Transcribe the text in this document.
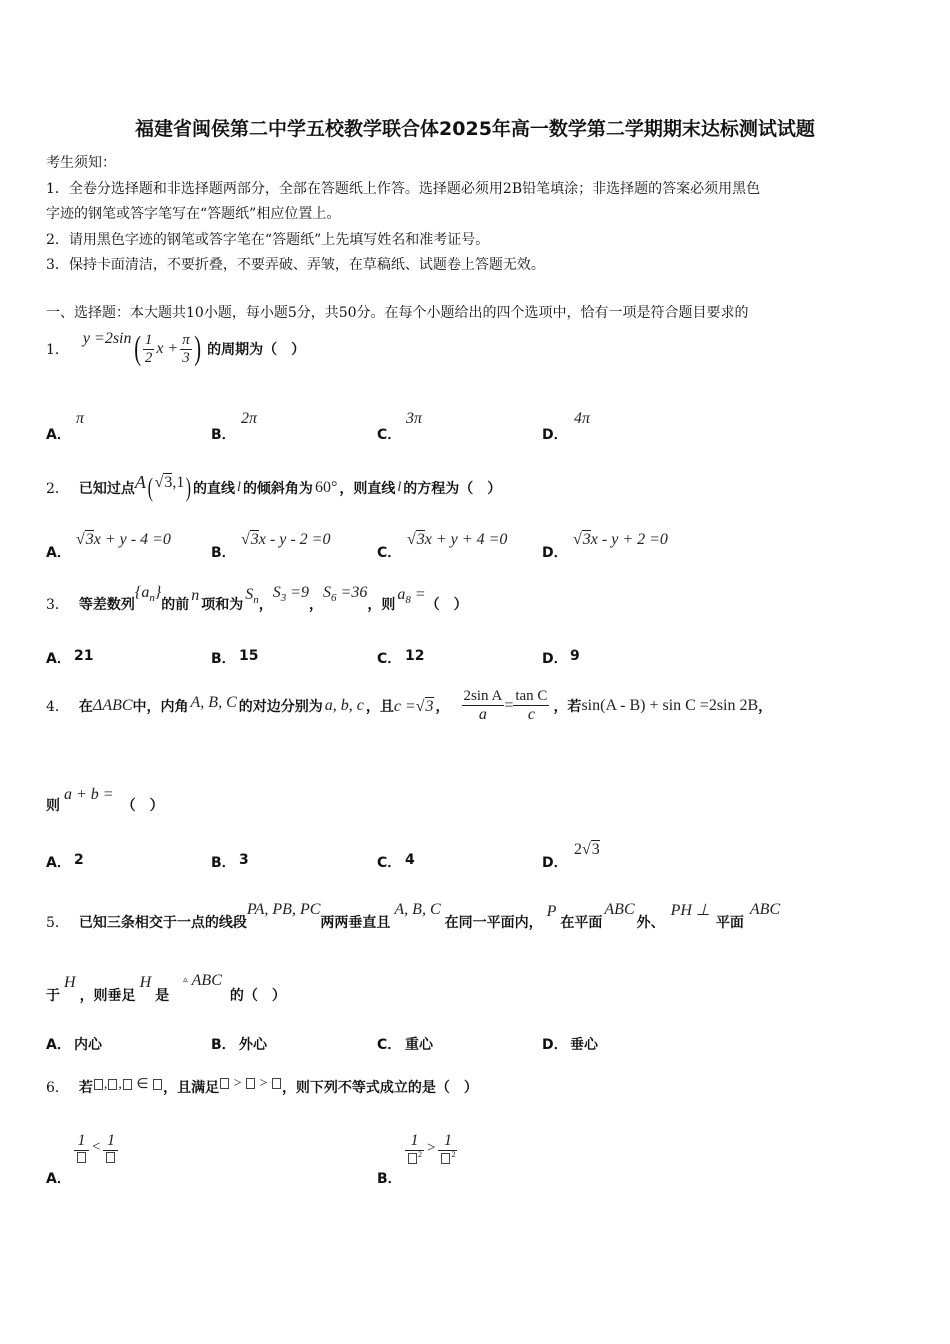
福建省闽侯第二中学五校教学联合体2025年高一数学第二学期期末达标测试试题
考生须知：
1．全卷分选择题和非选择题两部分，全部在答题纸上作答。选择题必须用2B铅笔填涂；非选择题的答案必须用黑色
字迹的钢笔或答字笔写在“答题纸”相应位置上。
2．请用黑色字迹的钢笔或答字笔在“答题纸”上先填写姓名和准考证号。
3．保持卡面清洁，不要折叠，不要弄破、弄皱，在草稿纸、试题卷上答题无效。
一、选择题：本大题共10小题，每小题5分，共50分。在每个小题给出的四个选项中，恰有一项是符合题目要求的
1．
y =2sin ( $\frac{1}{2}$ $x + \frac{\pi}{3}$ ) 的周期为（　）
A．
π
B．
2π
C．
3π
D．
4π
2． 已知过点 A ( √3,1 ) 的直线 l 的倾斜角为 60° ，则直线 l 的方程为（　）
A．
√3x + y - 4 =0
B．
√3x - y - 2 =0
C．
√3x + y + 4 =0
D．
√3x - y + 2 =0
3． 等差数列
$\{a_n\}$
的前
n
项和为
$S_n$ ，
$S_3 =9$
，
$S_6 =36$
，则
$a_8$ =
（　）
A． 21	B． 15	C． 12	D． 9
4． 在 ΔABC 中，内角 A, B, C 的对边分别为 a, b, c ，且 c =√3 ， $\frac{\text{2sin A}}{a} = \frac{\text{tan C}}{c}$ ，若 sin(A - B) + sin C =2sin 2B ，
则
a + b =
（　）
A． 2	B． 3	C． 4	D．
2√3
5． 已知三条相交于一点的线段
PA, PB, PC
两两垂直且
A, B, C
在同一平面内，
P
在平面
ABC
外、
PH ⊥
平面
ABC
于
H
，则垂足
H
是
▵ ABC
的（　）
A． 内心	B． 外心	C． 重心	D． 垂心
6． 若 , , ∈	，且满足	> >	，则下列不等式成立的是（　）
1 < 1
A．
$\frac{1}{^2} > \frac{1}{^2}$
B．
